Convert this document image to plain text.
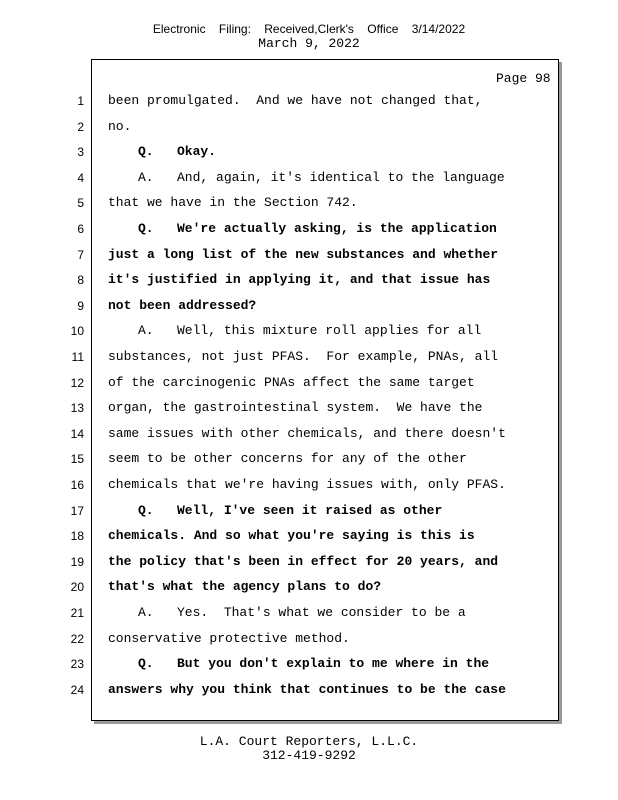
Electronic Filing: Received,Clerk's Office 3/14/2022
March 9, 2022
Page 98
1 been promulgated.  And we have not changed that,
2 no.
3	Q.   Okay.
4	A.   And, again, it's identical to the language
5 that we have in the Section 742.
6	Q.   We're actually asking, is the application
7 just a long list of the new substances and whether
8 it's justified in applying it, and that issue has
9 not been addressed?
10	A.   Well, this mixture roll applies for all
11 substances, not just PFAS.  For example, PNAs, all
12 of the carcinogenic PNAs affect the same target
13 organ, the gastrointestinal system.  We have the
14 same issues with other chemicals, and there doesn't
15 seem to be other concerns for any of the other
16 chemicals that we're having issues with, only PFAS.
17	Q.   Well, I've seen it raised as other
18 chemicals. And so what you're saying is this is
19 the policy that's been in effect for 20 years, and
20 that's what the agency plans to do?
21	A.   Yes.  That's what we consider to be a
22 conservative protective method.
23	Q.   But you don't explain to me where in the
24 answers why you think that continues to be the case
L.A. Court Reporters, L.L.C.
312-419-9292
